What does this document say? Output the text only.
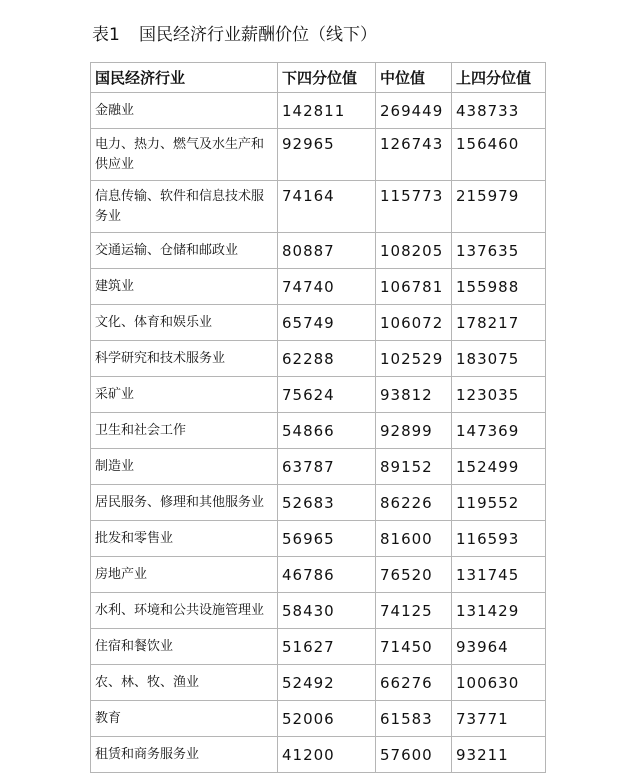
表1 国民经济行业薪酬价位（线下）
国民经济行业	下四分位值	中位值	上四分位值
金融业	142811	269449	438733
电力、热力、燃气及水生产和供应业	92965	126743	156460
信息传输、软件和信息技术服务业	74164	115773	215979
交通运输、仓储和邮政业	80887	108205	137635
建筑业	74740	106781	155988
文化、体育和娱乐业	65749	106072	178217
科学研究和技术服务业	62288	102529	183075
采矿业	75624	93812	123035
卫生和社会工作	54866	92899	147369
制造业	63787	89152	152499
居民服务、修理和其他服务业	52683	86226	119552
批发和零售业	56965	81600	116593
房地产业	46786	76520	131745
水利、环境和公共设施管理业	58430	74125	131429
住宿和餐饮业	51627	71450	93964
农、林、牧、渔业	52492	66276	100630
教育	52006	61583	73771
租赁和商务服务业	41200	57600	93211
